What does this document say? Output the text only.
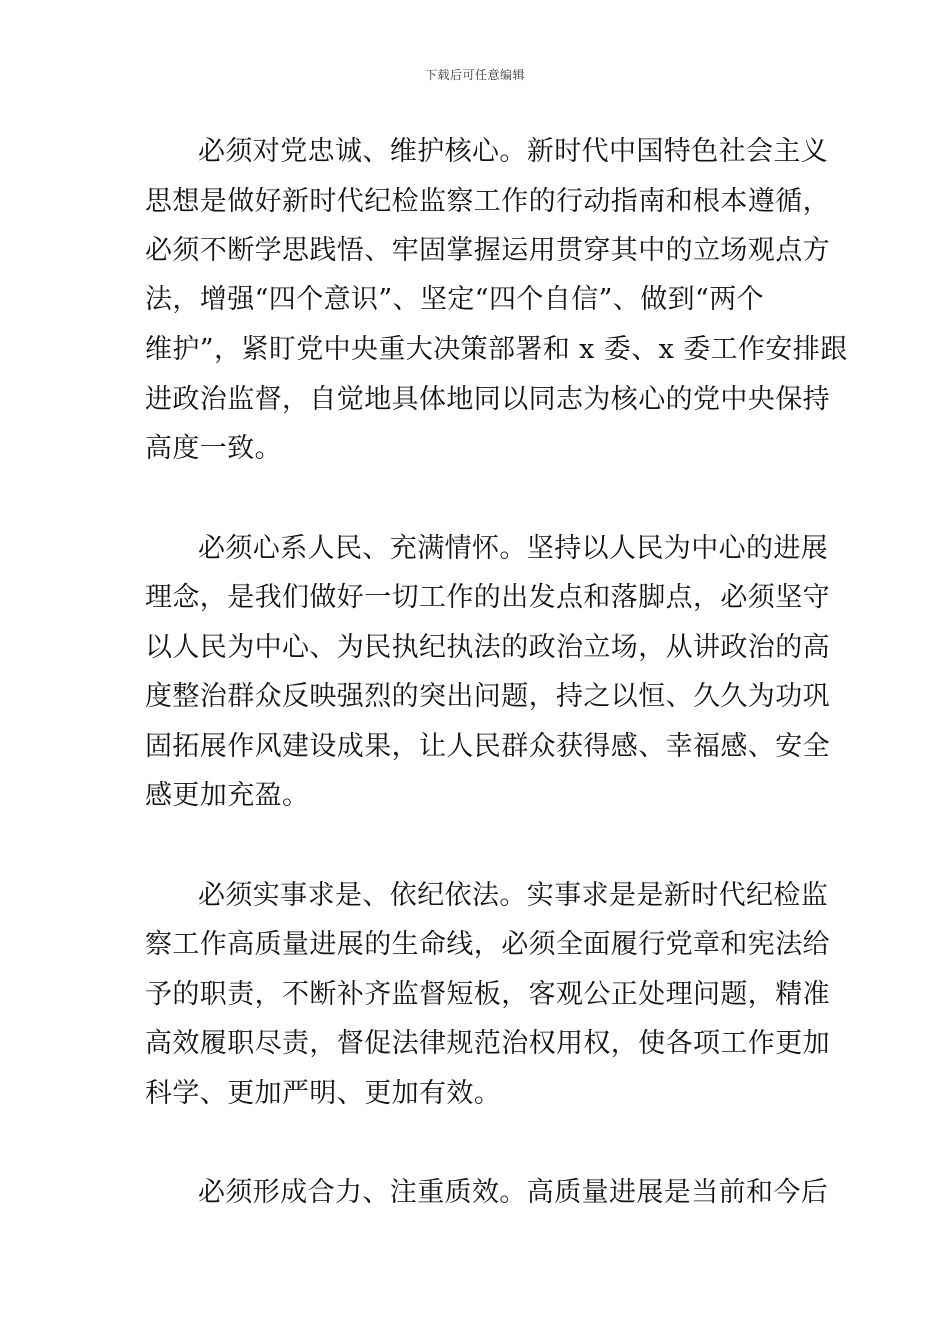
下载后可任意编辑
必须对党忠诚、维护核心。新时代中国特色社会主义
思想是做好新时代纪检监察工作的行动指南和根本遵循，
必须不断学思践悟、牢固掌握运用贯穿其中的立场观点方
法，增强“四个意识”、坚定“四个自信”、做到“两个
维护”，紧盯党中央重大决策部署和 x 委、x 委工作安排跟
进政治监督，自觉地具体地同以同志为核心的党中央保持
高度一致。
必须心系人民、充满情怀。坚持以人民为中心的进展
理念，是我们做好一切工作的出发点和落脚点，必须坚守
以人民为中心、为民执纪执法的政治立场，从讲政治的高
度整治群众反映强烈的突出问题，持之以恒、久久为功巩
固拓展作风建设成果，让人民群众获得感、幸福感、安全
感更加充盈。
必须实事求是、依纪依法。实事求是是新时代纪检监
察工作高质量进展的生命线，必须全面履行党章和宪法给
予的职责，不断补齐监督短板，客观公正处理问题，精准
高效履职尽责，督促法律规范治权用权，使各项工作更加
科学、更加严明、更加有效。
必须形成合力、注重质效。高质量进展是当前和今后
